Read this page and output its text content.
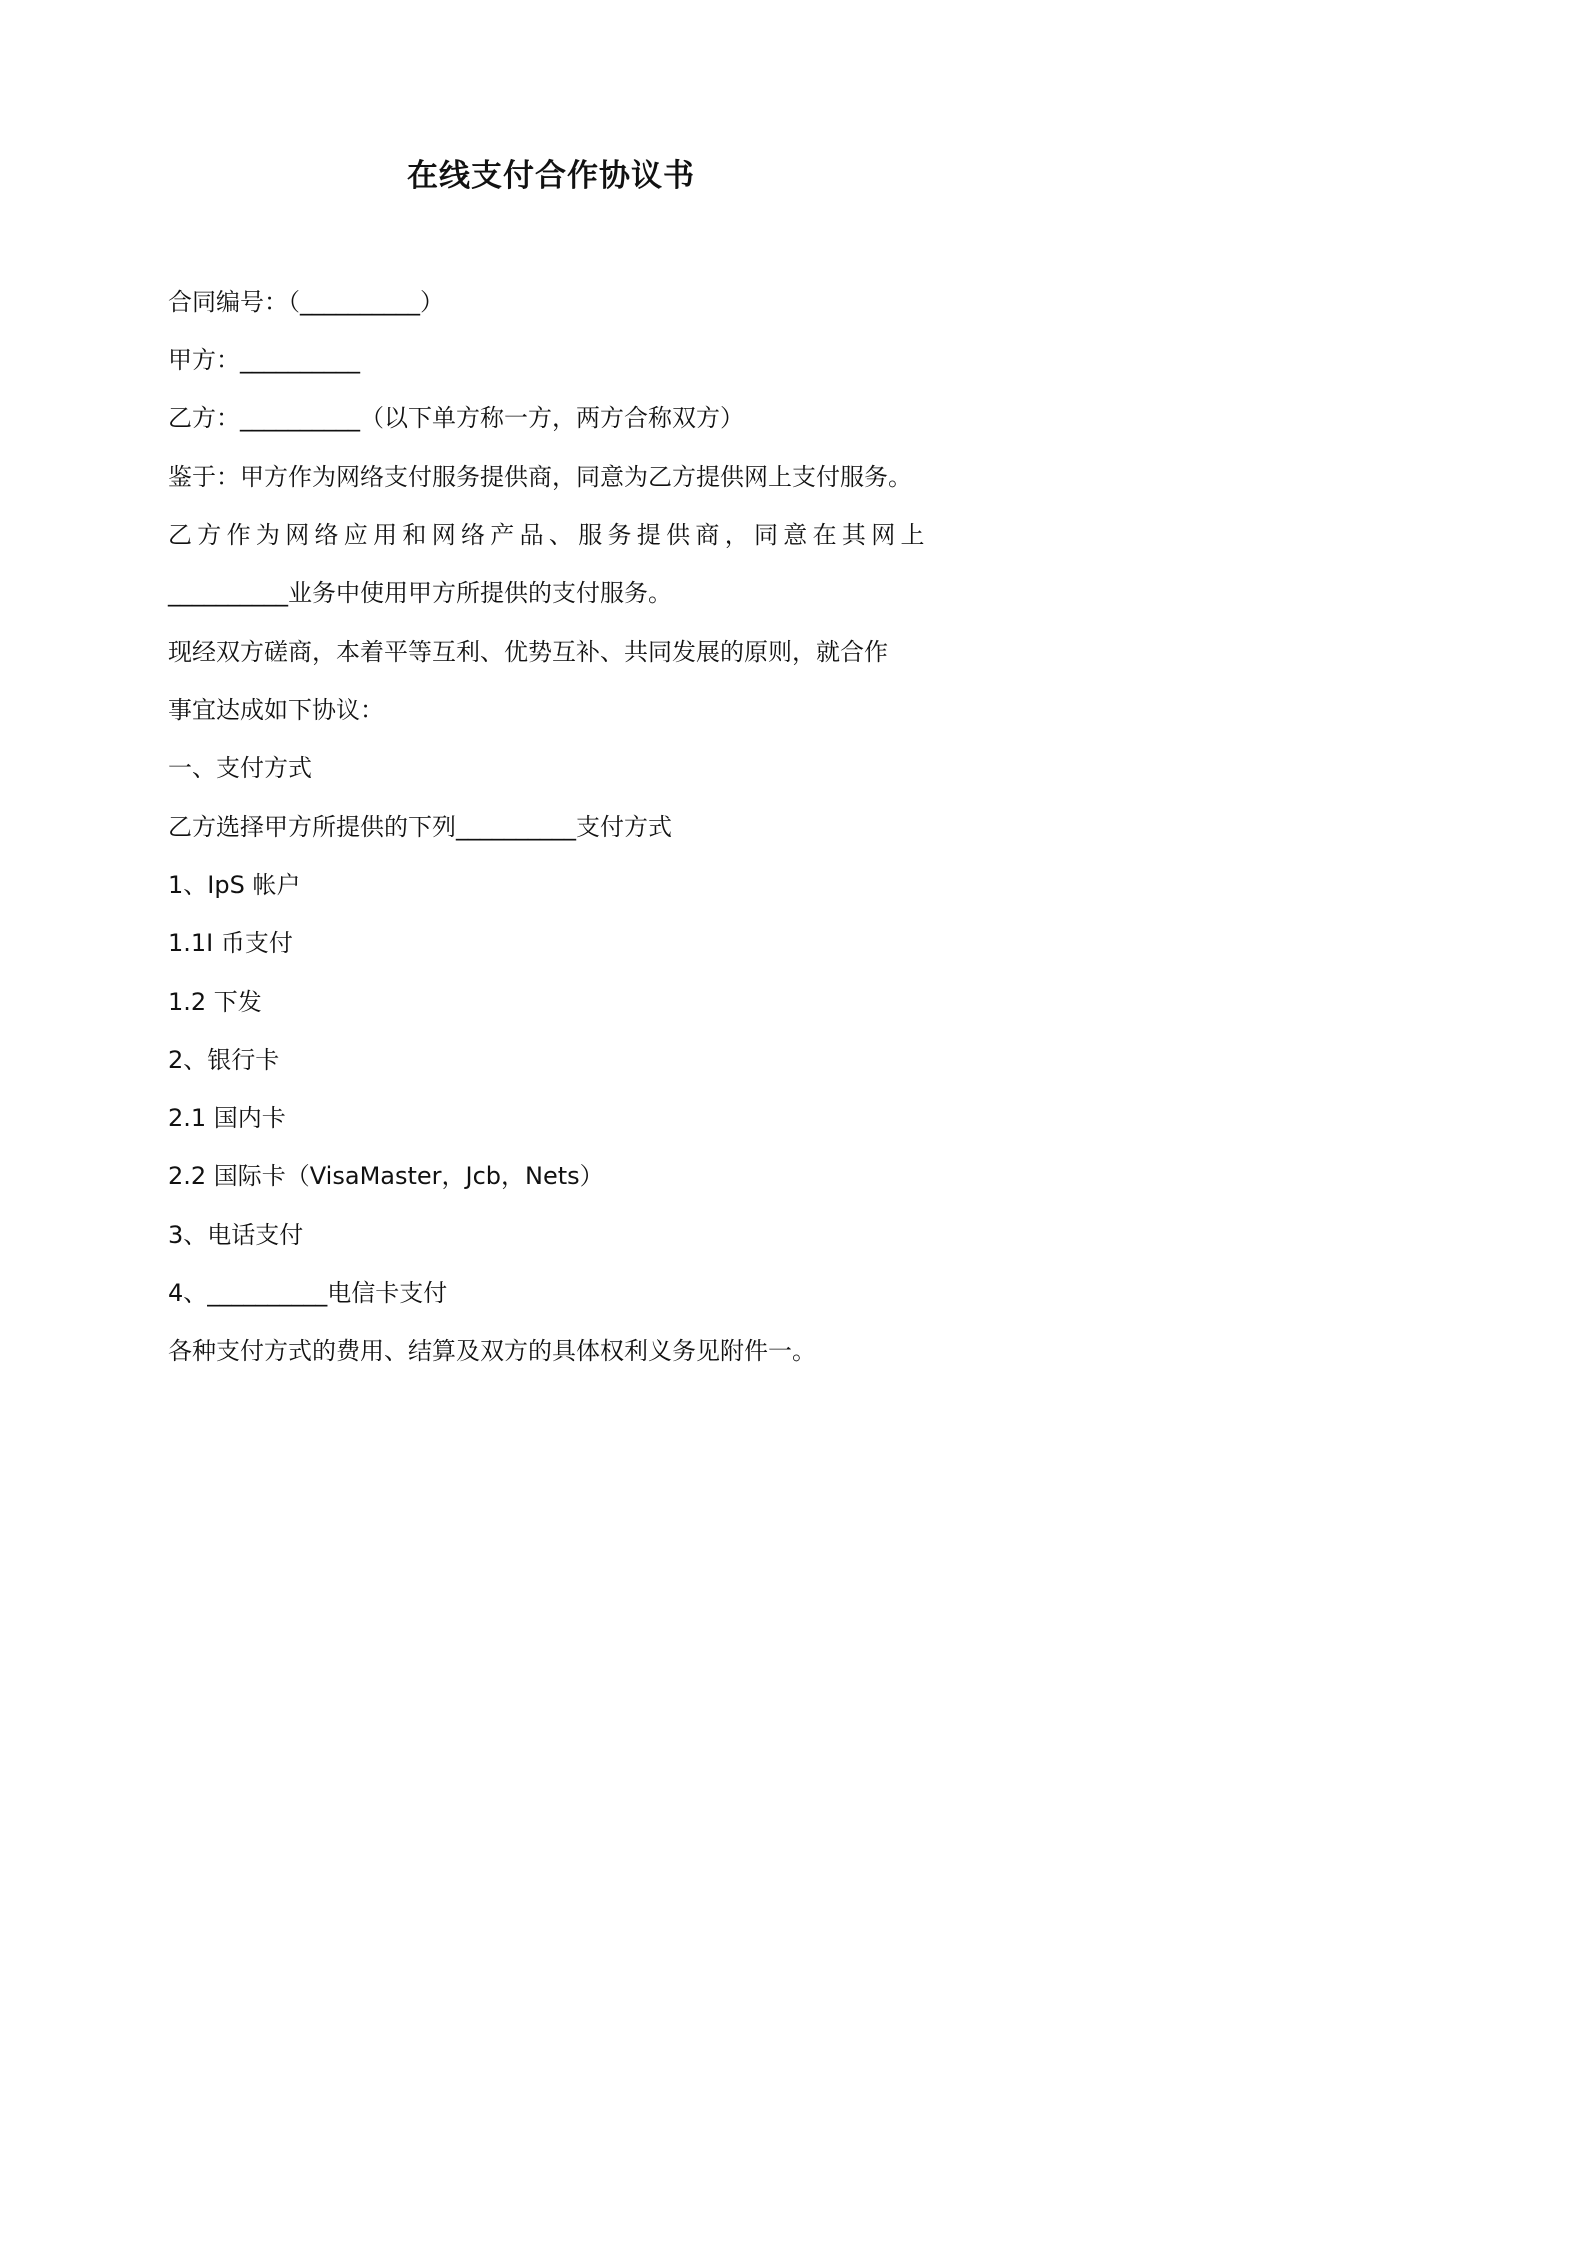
在线支付合作协议书
合同编号：（__________）
甲方：__________
乙方：__________（以下单方称一方，两方合称双方）
鉴于：甲方作为网络支付服务提供商，同意为乙方提供网上支付服务。
乙方作为网络应用和网络产品、服务提供商，同意在其网上
__________业务中使用甲方所提供的支付服务。
现经双方磋商，本着平等互利、优势互补、共同发展的原则，就合作
事宜达成如下协议：
一、支付方式
乙方选择甲方所提供的下列__________支付方式
1、IpS 帐户
1.1I 币支付
1.2 下发
2、银行卡
2.1 国内卡
2.2 国际卡（VisaMaster，Jcb，Nets）
3、电话支付
4、__________电信卡支付
各种支付方式的费用、结算及双方的具体权利义务见附件一。
